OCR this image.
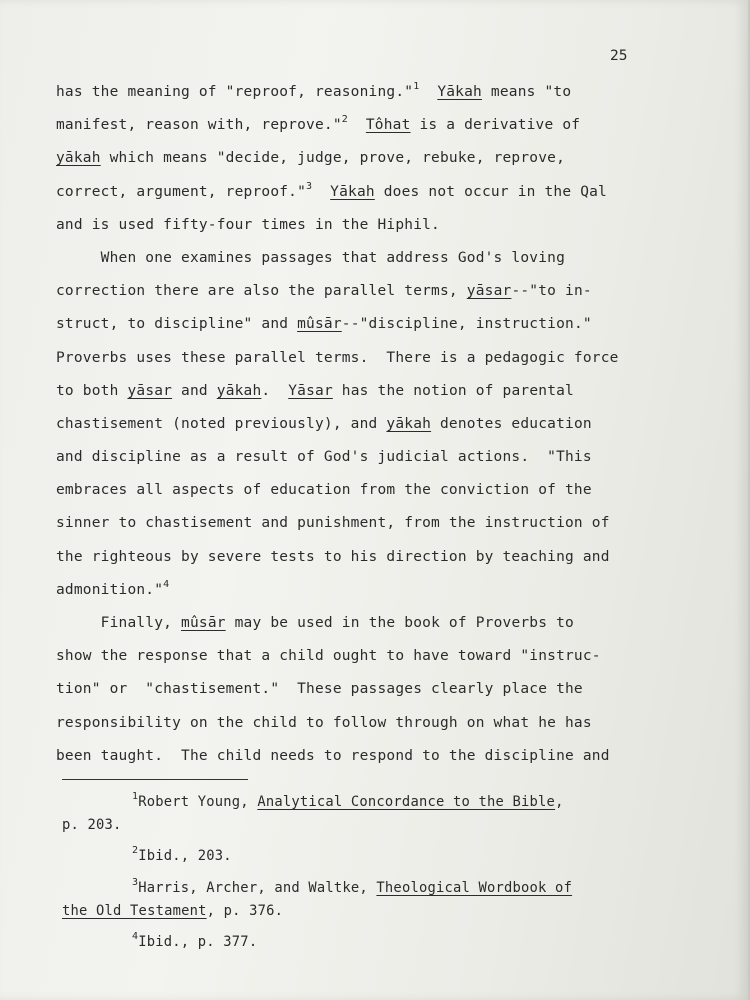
25
has the meaning of "reproof, reasoning."$^1$ Yākah means "to
manifest, reason with, reprove."$^2$ Tôhat is a derivative of
yākah which means "decide, judge, prove, rebuke, reprove,
correct, argument, reproof."$^3$ Yākah does not occur in the Qal
and is used fifty-four times in the Hiphil.
When one examines passages that address God's loving
correction there are also the parallel terms, yāsar--"to in-
struct, to discipline" and mûsār--"discipline, instruction."
Proverbs uses these parallel terms.  There is a pedagogic force
to both yāsar and yākah.  Yāsar has the notion of parental
chastisement (noted previously), and yākah denotes education
and discipline as a result of God's judicial actions.  "This
embraces all aspects of education from the conviction of the
sinner to chastisement and punishment, from the instruction of
the righteous by severe tests to his direction by teaching and
admonition."$^4$
Finally, mûsār may be used in the book of Proverbs to
show the response that a child ought to have toward "instruc-
tion" or  "chastisement."  These passages clearly place the
responsibility on the child to follow through on what he has
been taught.  The child needs to respond to the discipline and
$^1$Robert Young, Analytical Concordance to the Bible,
p. 203.
$^2$Ibid., 203.
$^3$Harris, Archer, and Waltke, Theological Wordbook of
the Old Testament, p. 376.
$^4$Ibid., p. 377.
